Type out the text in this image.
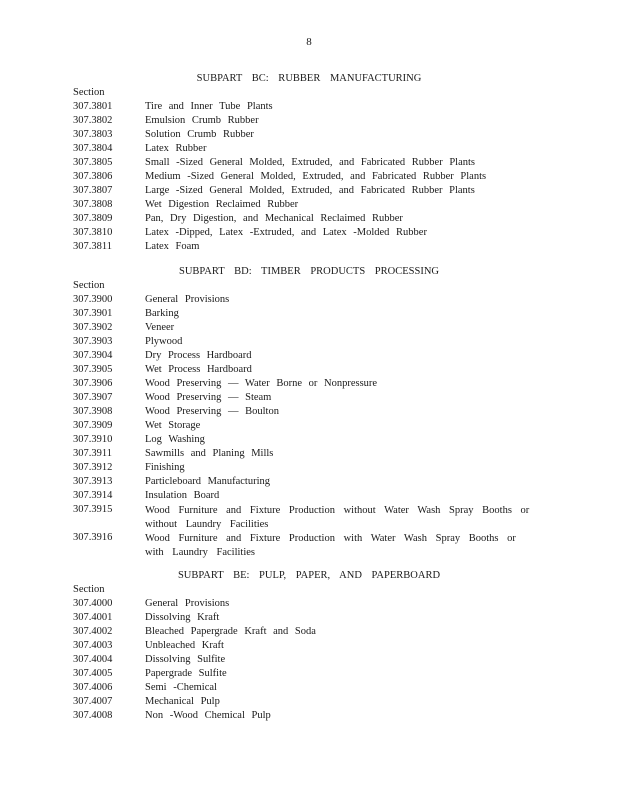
8
SUBPART BC: RUBBER MANUFACTURING
Section
307.3801	Tire and Inner Tube Plants
307.3802	Emulsion Crumb Rubber
307.3803	Solution Crumb Rubber
307.3804	Latex Rubber
307.3805	Small -Sized General Molded, Extruded, and Fabricated Rubber Plants
307.3806	Medium -Sized General Molded, Extruded, and Fabricated Rubber Plants
307.3807	Large -Sized General Molded, Extruded, and Fabricated Rubber Plants
307.3808	Wet Digestion Reclaimed Rubber
307.3809	Pan, Dry Digestion, and Mechanical Reclaimed Rubber
307.3810	Latex -Dipped, Latex -Extruded, and Latex -Molded Rubber
307.3811	Latex Foam
SUBPART BD: TIMBER PRODUCTS PROCESSING
Section
307.3900	General Provisions
307.3901	Barking
307.3902	Veneer
307.3903	Plywood
307.3904	Dry Process Hardboard
307.3905	Wet Process Hardboard
307.3906	Wood Preserving — Water Borne or Nonpressure
307.3907	Wood Preserving — Steam
307.3908	Wood Preserving — Boulton
307.3909	Wet Storage
307.3910	Log Washing
307.3911	Sawmills and Planing Mills
307.3912	Finishing
307.3913	Particleboard Manufacturing
307.3914	Insulation Board
307.3915	Wood Furniture and Fixture Production without Water Wash Spray Booths or without Laundry Facilities
307.3916	Wood Furniture and Fixture Production with Water Wash Spray Booths or with Laundry Facilities
SUBPART BE: PULP, PAPER, AND PAPERBOARD
Section
307.4000	General Provisions
307.4001	Dissolving Kraft
307.4002	Bleached Papergrade Kraft and Soda
307.4003	Unbleached Kraft
307.4004	Dissolving Sulfite
307.4005	Papergrade Sulfite
307.4006	Semi -Chemical
307.4007	Mechanical Pulp
307.4008	Non -Wood Chemical Pulp
